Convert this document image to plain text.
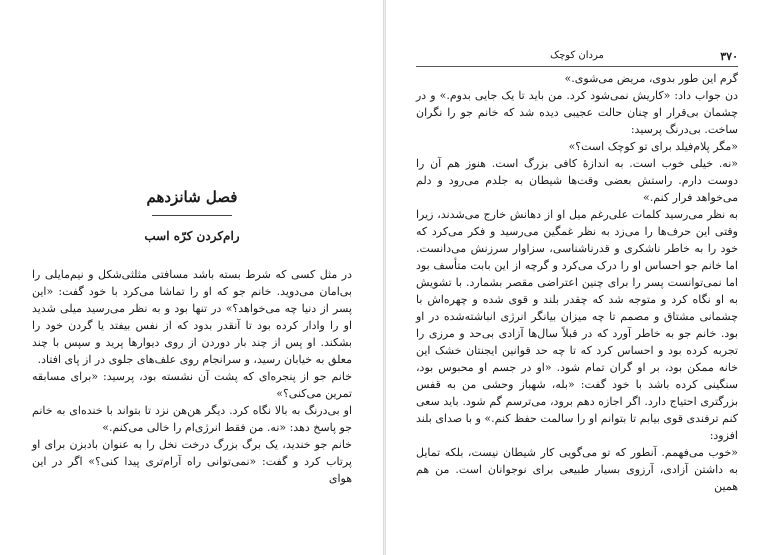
فصل شانزدهم
رام‌کردن کرّه اسب

در مثل کسی که شرط بسته باشد مسافتی مثلثی‌شکل و نیم‌مایلی را بی‌امان می‌دوید. خانم جو که او را تماشا می‌کرد با خود گفت: «این پسر از دنیا چه می‌خواهد؟» در تنها بود و به نظر می‌رسید میلی شدید او را وادار کرده بود تا آنقدر بدود که از نفس بیفتد یا گردن خود را بشکند. او پس از چند بار دوردن از روی دیوارها پرید و سپس با چند معلق به خیابان رسید، و سرانجام روی علف‌های جلوی در از پای افتاد.

خانم جو از پنجره‌ای که پشت آن نشسته بود، پرسید: «برای مسابقه تمرین می‌کنی؟»

او بی‌درنگ به بالا نگاه کرد. دیگر هن‌هن نزد تا بتواند با خنده‌ای به خانم جو پاسخ دهد: «نه. من فقط انرژی‌ام را خالی می‌کنم.»

خانم جو خندید، یک برگ بزرگ درخت نخل را به عنوان بادبزن برای او پرتاب کرد و گفت: «نمی‌توانی راه آرام‌تری پیدا کنی؟» اگر در این هوای

۳۷۰
مردان کوچک

گرم این طور بدوی، مریض می‌شوی.»

دن جواب داد: «کاریش نمی‌شود کرد. من باید تا یک جایی بدوم.» و در چشمان بی‌قرار او چنان حالت عجیبی دیده شد که خانم جو را نگران ساخت. بی‌درنگ پرسید:

«مگر پلام‌فیلد برای تو کوچک است؟»

«نه. خیلی خوب است. به اندازهٔ کافی بزرگ است. هنوز هم آن را دوست دارم. راستش بعضی وقت‌ها شیطان به جلدم می‌رود و دلم می‌خواهد فرار کنم.»

به نظر می‌رسید کلمات علی‌رغم میل او از دهانش خارج می‌شدند، زیرا وقتی این حرف‌ها را می‌زد به نظر غمگین می‌رسید و فکر می‌کرد که خود را به خاطر ناشکری و قدرناشناسی، سزاوار سرزنش می‌دانست. اما خانم جو احساس او را درک می‌کرد و گرچه از این بابت متأسف بود اما نمی‌توانست پسر را برای چنین اعتراضی مقصر بشمارد. با تشویش به او نگاه کرد و متوجه شد که چقدر بلند و قوی شده و چهره‌اش با چشمانی مشتاق و مصمم تا چه میزان بیانگر انرژی انباشته‌شده در او بود. خانم جو به خاطر آورد که در قبلاً سال‌ها آزادی بی‌حد و مرزی را تجربه کرده بود و احساس کرد که تا چه حد قوانین ایجنتان خشک این خانه ممکن بود، بر او گران تمام شود. «او در جسم او محبوس بود، سنگینی کرده باشد با خود گفت: «بله، شهباز وحشی من به قفس بزرگتری احتیاج دارد. اگر اجازه دهم برود، می‌ترسم گم شود. باید سعی کنم ترفندی قوی بیابم تا بتوانم او را سالمت حفظ کنم.» و با صدای بلند افزود:

«خوب می‌فهمم. آنطور که تو می‌گویی کار شیطان نیست، بلکه تمایل به داشتن آزادی، آرزوی بسیار طبیعی برای نوجوانان است. من هم همین
